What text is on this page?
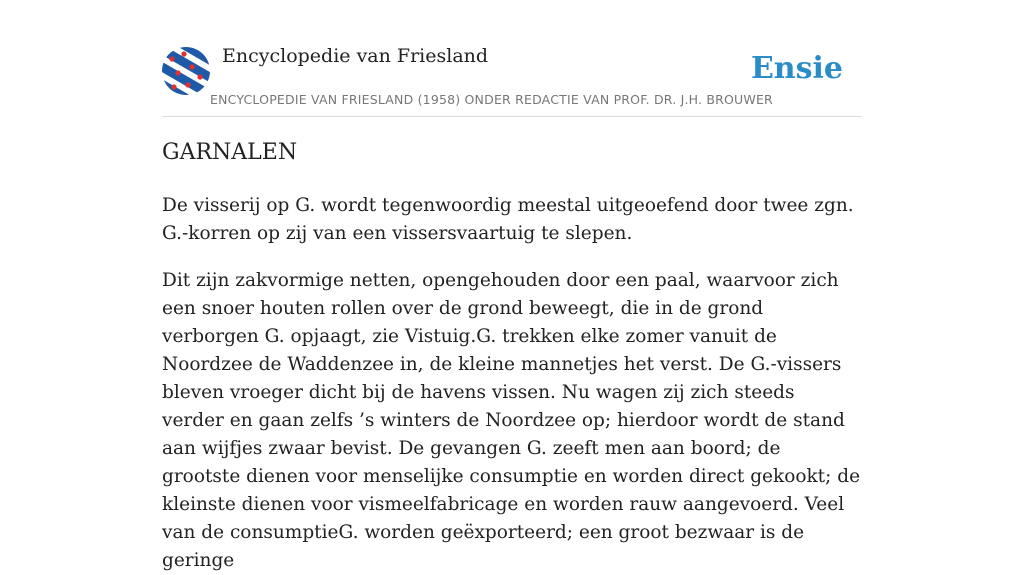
Encyclopedie van Friesland
ENCYCLOPEDIE VAN FRIESLAND (1958) ONDER REDACTIE VAN PROF. DR. J.H. BROUWER
Ensie
GARNALEN

De visserij op G. wordt tegenwoordig meestal uitgeoefend door twee zgn. G.-korren op zij van een vissersvaartuig te slepen.

Dit zijn zakvormige netten, opengehouden door een paal, waarvoor zich een snoer houten rollen over de grond beweegt, die in de grond verborgen G. opjaagt, zie Vistuig.G. trekken elke zomer vanuit de Noordzee de Waddenzee in, de kleine mannetjes het verst. De G.-vissers bleven vroeger dicht bij de havens vissen. Nu wagen zij zich steeds verder en gaan zelfs ’s winters de Noordzee op; hierdoor wordt de stand aan wijfjes zwaar bevist. De gevangen G. zeeft men aan boord; de grootste dienen voor menselijke consumptie en worden direct gekookt; de kleinste dienen voor vismeelfabricage en worden rauw aangevoerd. Veel van de consumptieG. worden geëxporteerd; een groot bezwaar is de geringe
